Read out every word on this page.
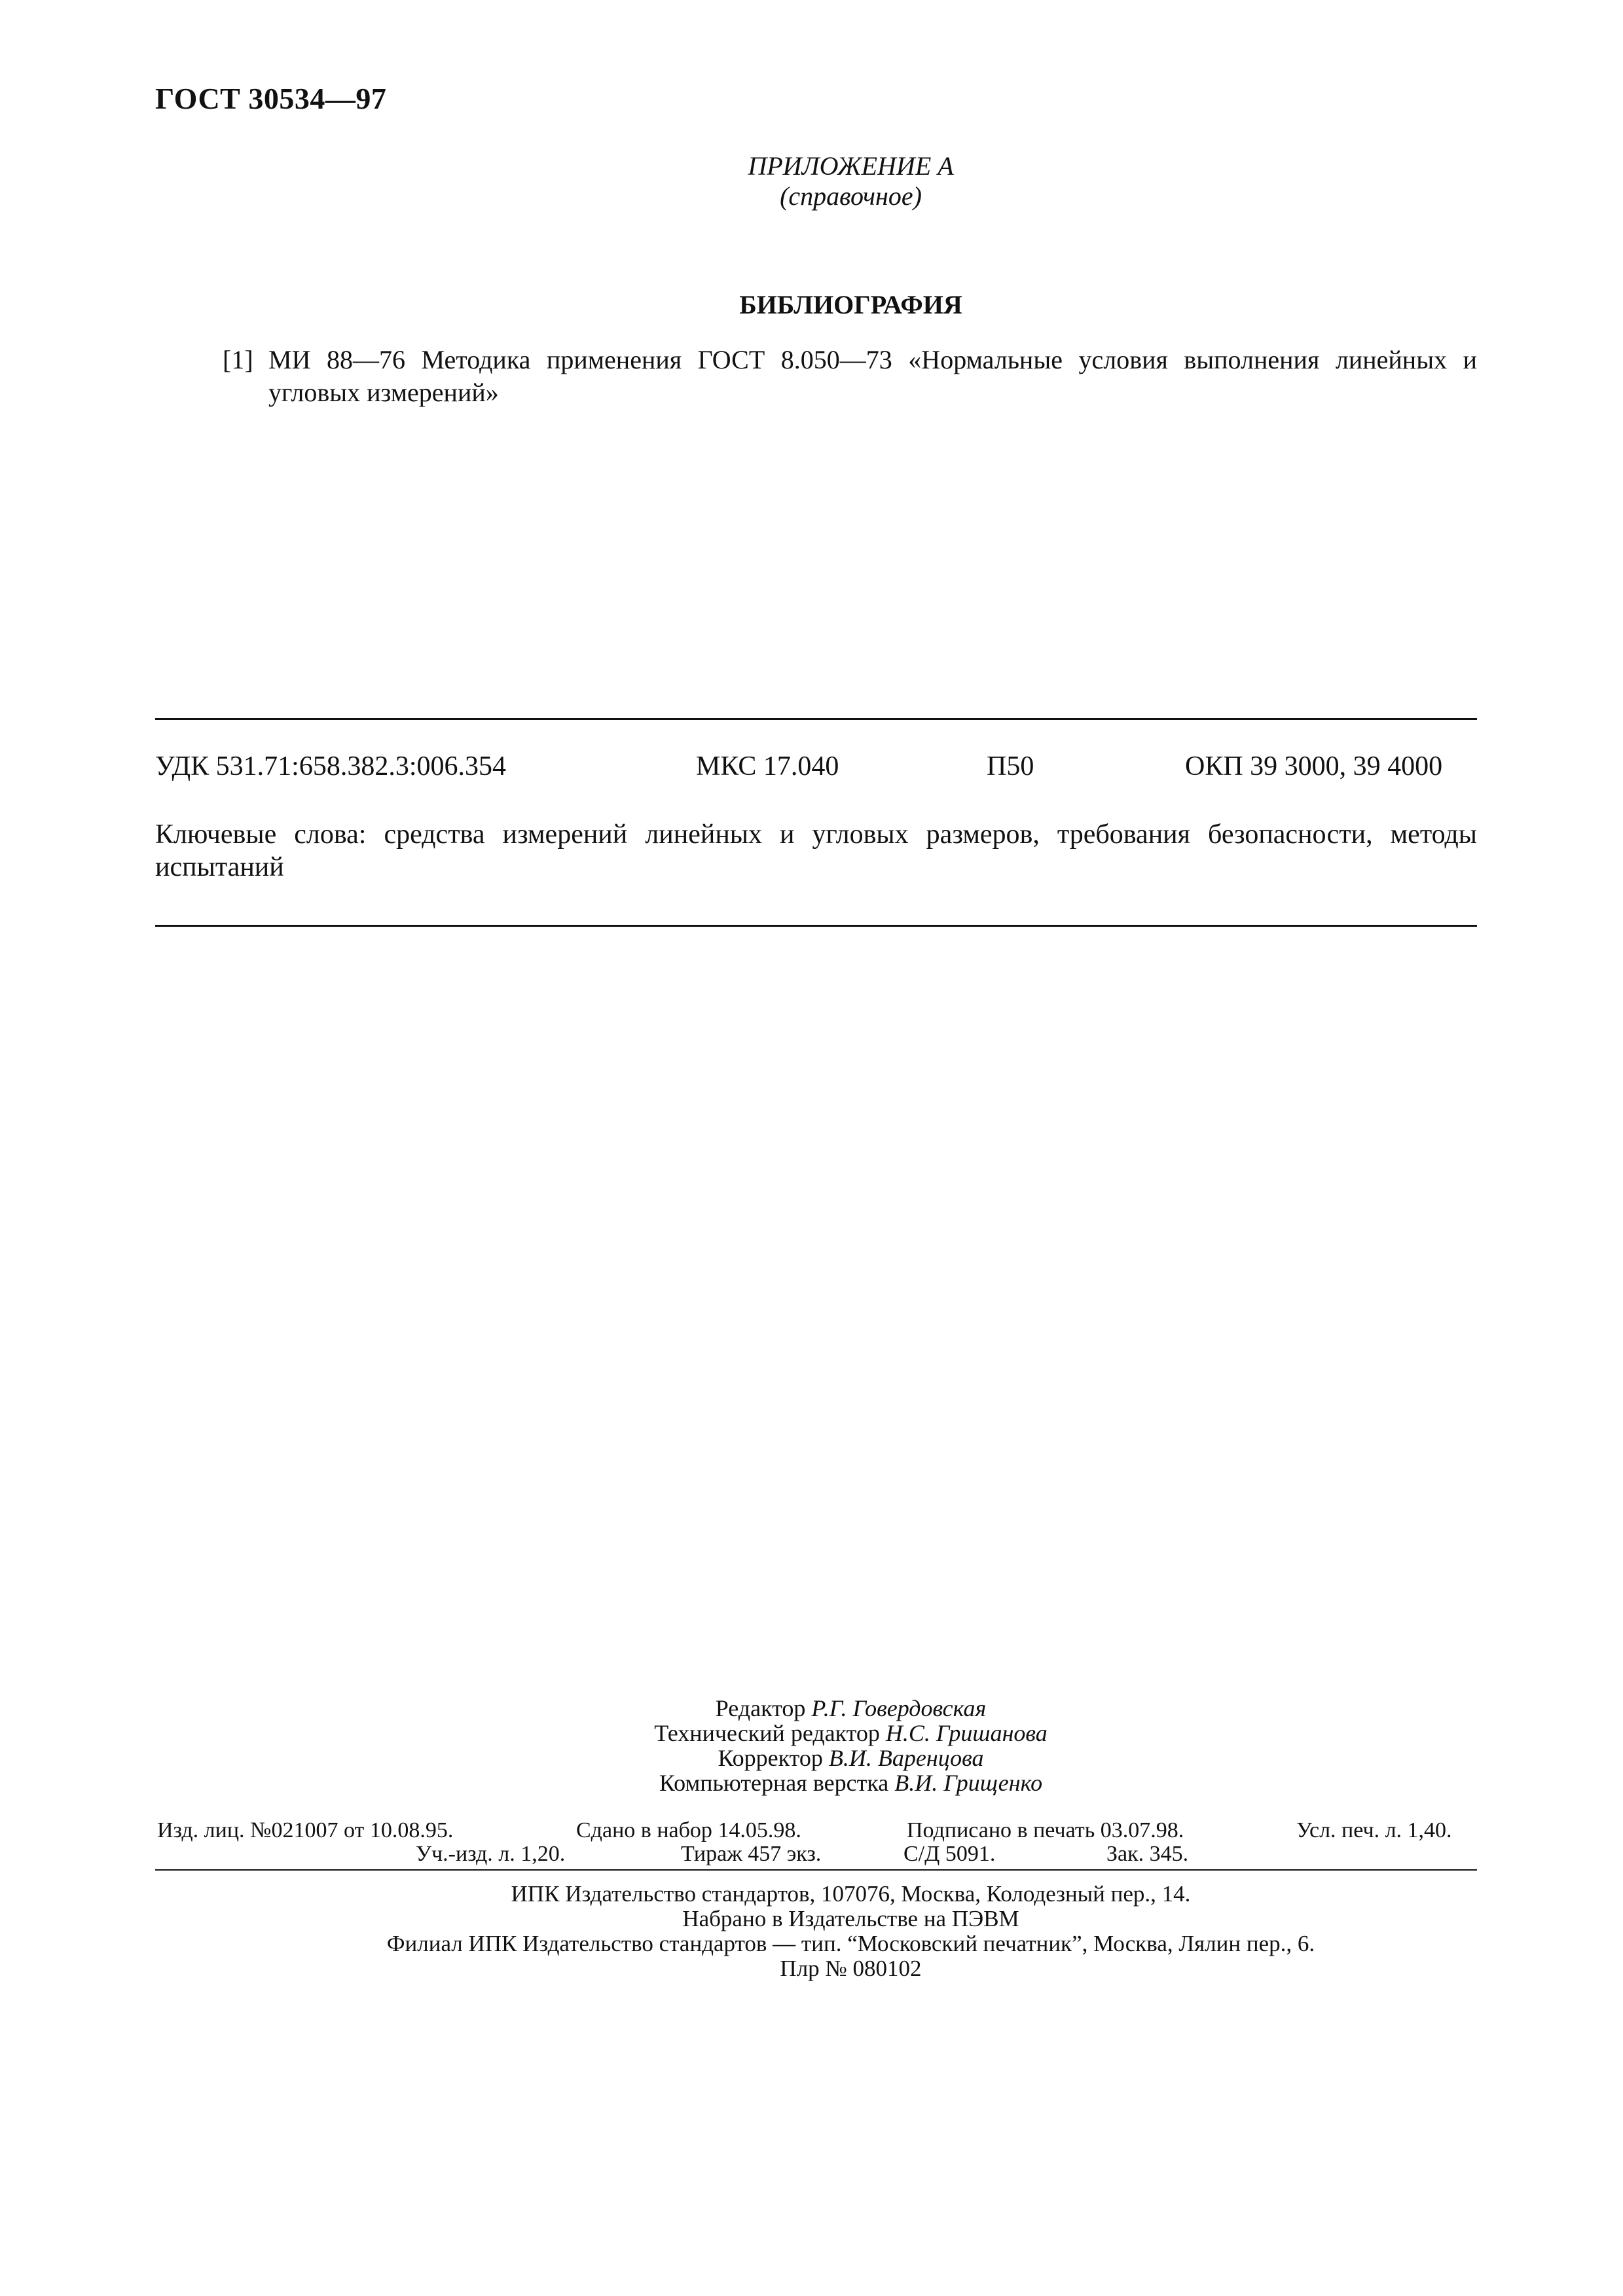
ГОСТ 30534—97
ПРИЛОЖЕНИЕ А
(справочное)
БИБЛИОГРАФИЯ
[1] МИ 88—76 Методика применения ГОСТ 8.050—73 «Нормальные условия выполнения линейных и угловых измерений»
УДК 531.71:658.382.3:006.354	МКС 17.040	П50	ОКП 39 3000, 39 4000
Ключевые слова: средства измерений линейных и угловых размеров, требования безопасности, методы испытаний
Редактор Р.Г. Говердовская
Технический редактор Н.С. Гришанова
Корректор В.И. Варенцова
Компьютерная верстка В.И. Грищенко
Изд. лиц. №021007 от 10.08.95.	Сдано в набор 14.05.98.	Подписано в печать 03.07.98.	Усл. печ. л. 1,40.
Уч.-изд. л. 1,20.	Тираж 457 экз.	С/Д 5091.	Зак. 345.
ИПК Издательство стандартов, 107076, Москва, Колодезный пер., 14.
Набрано в Издательстве на ПЭВМ
Филиал ИПК Издательство стандартов — тип. “Московский печатник”, Москва, Лялин пер., 6.
Плр № 080102
